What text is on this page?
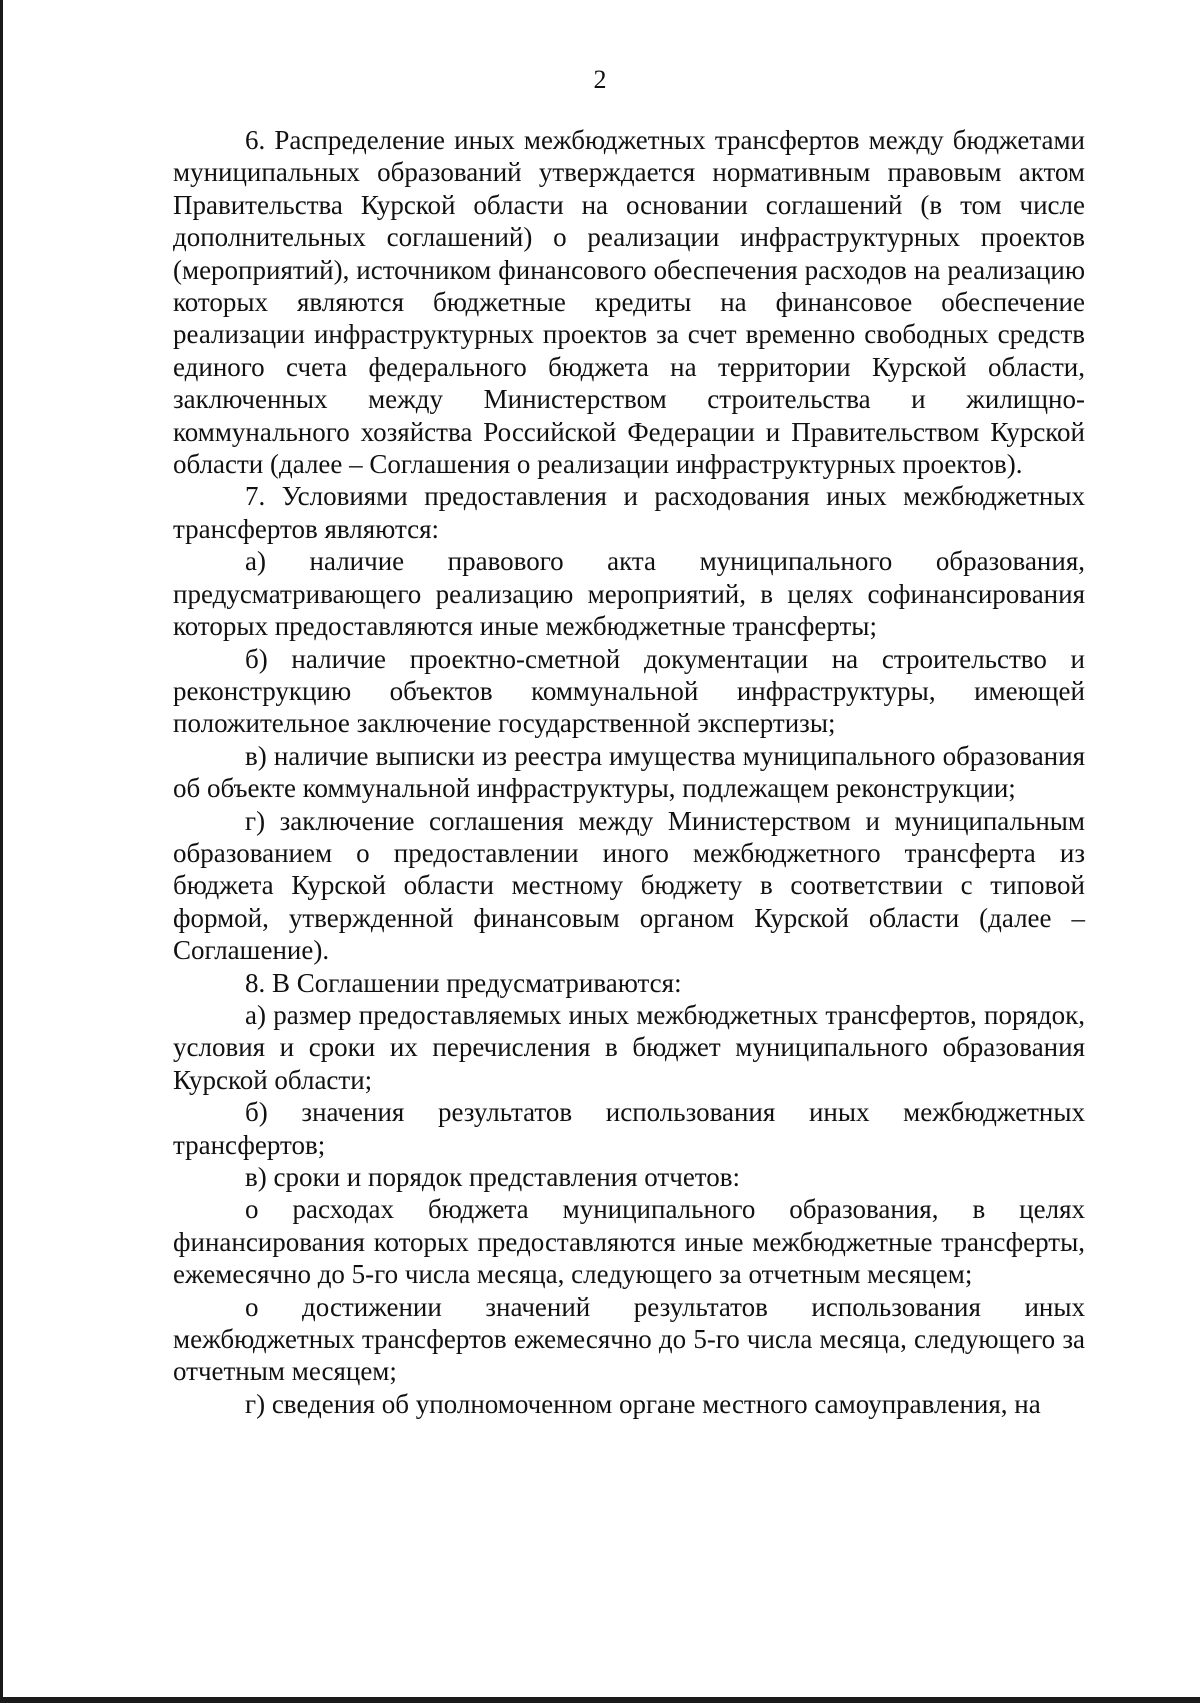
2

6. Распределение иных межбюджетных трансфертов между бюджетами муниципальных образований утверждается нормативным правовым актом Правительства Курской области на основании соглашений (в том числе дополнительных соглашений) о реализации инфраструктурных проектов (мероприятий), источником финансового обеспечения расходов на реализацию которых являются бюджетные кредиты на финансовое обеспечение реализации инфраструктурных проектов за счет временно свободных средств единого счета федерального бюджета на территории Курской области, заключенных между Министерством строительства и жилищно-коммунального хозяйства Российской Федерации и Правительством Курской области (далее – Соглашения о реализации инфраструктурных проектов).

7. Условиями предоставления и расходования иных межбюджетных трансфертов являются:

а) наличие правового акта муниципального образования, предусматривающего реализацию мероприятий, в целях софинансирования которых предоставляются иные межбюджетные трансферты;

б) наличие проектно-сметной документации на строительство и реконструкцию объектов коммунальной инфраструктуры, имеющей положительное заключение государственной экспертизы;

в) наличие выписки из реестра имущества муниципального образования об объекте коммунальной инфраструктуры, подлежащем реконструкции;

г) заключение соглашения между Министерством и муниципальным образованием о предоставлении иного межбюджетного трансферта из бюджета Курской области местному бюджету в соответствии с типовой формой, утвержденной финансовым органом Курской области (далее – Соглашение).

8. В Соглашении предусматриваются:

а) размер предоставляемых иных межбюджетных трансфертов, порядок, условия и сроки их перечисления в бюджет муниципального образования Курской области;

б) значения результатов использования иных межбюджетных трансфертов;

в) сроки и порядок представления отчетов:

о расходах бюджета муниципального образования, в целях финансирования которых предоставляются иные межбюджетные трансферты, ежемесячно до 5-го числа месяца, следующего за отчетным месяцем;

о достижении значений результатов использования иных межбюджетных трансфертов ежемесячно до 5-го числа месяца, следующего за отчетным месяцем;

г) сведения об уполномоченном органе местного самоуправления, на
